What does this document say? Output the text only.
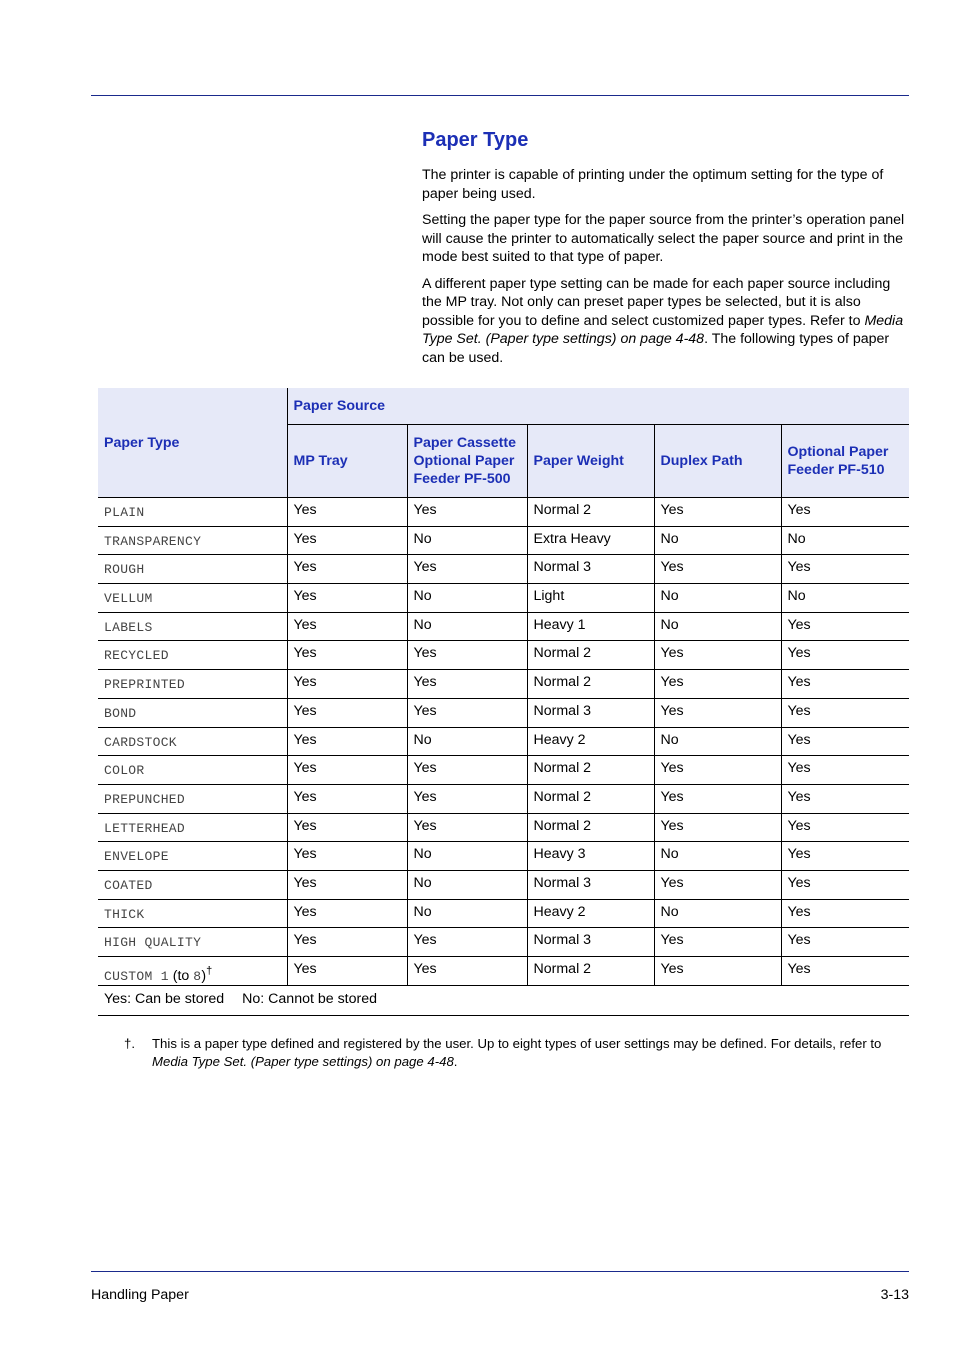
Paper Type

The printer is capable of printing under the optimum setting for the type of paper being used.

Setting the paper type for the paper source from the printer’s operation panel will cause the printer to automatically select the paper source and print in the mode best suited to that type of paper.

A different paper type setting can be made for each paper source including the MP tray. Not only can preset paper types be selected, but it is also possible for you to define and select customized paper types. Refer to Media Type Set. (Paper type settings) on page 4-48. The following types of paper can be used.

Paper Type	Paper Source				
	MP Tray	Paper Cassette
Optional Paper
Feeder PF-500	Paper Weight	Duplex Path	Optional Paper
Feeder PF-510
PLAIN	Yes	Yes	Normal 2	Yes	Yes
TRANSPARENCY	Yes	No	Extra Heavy	No	No
ROUGH	Yes	Yes	Normal 3	Yes	Yes
VELLUM	Yes	No	Light	No	No
LABELS	Yes	No	Heavy 1	No	Yes
RECYCLED	Yes	Yes	Normal 2	Yes	Yes
PREPRINTED	Yes	Yes	Normal 2	Yes	Yes
BOND	Yes	Yes	Normal 3	Yes	Yes
CARDSTOCK	Yes	No	Heavy 2	No	Yes
COLOR	Yes	Yes	Normal 2	Yes	Yes
PREPUNCHED	Yes	Yes	Normal 2	Yes	Yes
LETTERHEAD	Yes	Yes	Normal 2	Yes	Yes
ENVELOPE	Yes	No	Heavy 3	No	Yes
COATED	Yes	No	Normal 3	Yes	Yes
THICK	Yes	No	Heavy 2	No	Yes
HIGH QUALITY	Yes	Yes	Normal 3	Yes	Yes
CUSTOM 1 (to 8)†	Yes	Yes	Normal 2	Yes	Yes
Yes: Can be stored No: Cannot be stored					
†. This is a paper type defined and registered by the user. Up to eight types of user settings may be defined. For details, refer to Media Type Set. (Paper type settings) on page 4-48.
Handling Paper	3-13
